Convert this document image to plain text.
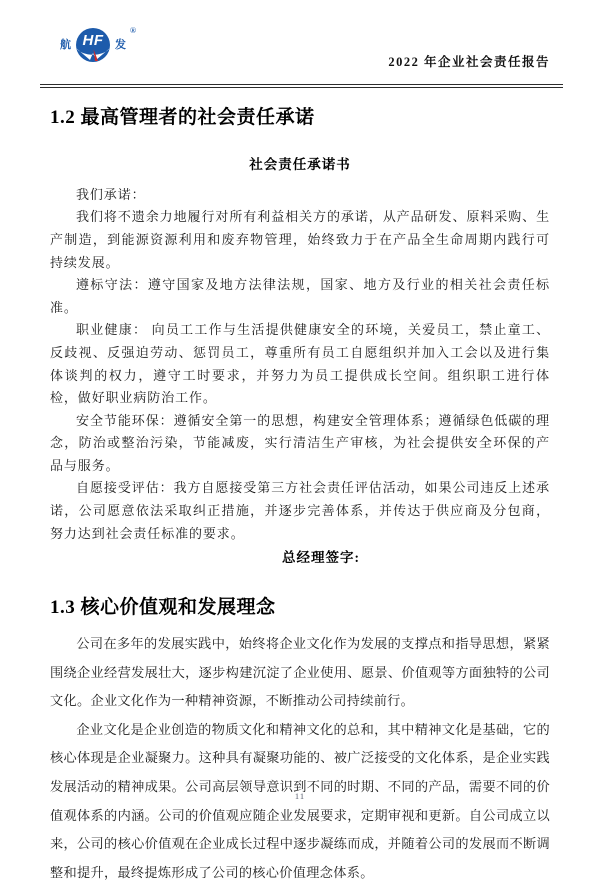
航 HF 发
®
2022 年企业社会责任报告
1.2 最高管理者的社会责任承诺
社会责任承诺书

我们承诺：

我们将不遗余力地履行对所有利益相关方的承诺，从产品研发、原料采购、生产制造，到能源资源利用和废弃物管理，始终致力于在产品全生命周期内践行可持续发展。

遵标守法：遵守国家及地方法律法规，国家、地方及行业的相关社会责任标准。

职业健康： 向员工工作与生活提供健康安全的环境，关爱员工，禁止童工、反歧视、反强迫劳动、惩罚员工，尊重所有员工自愿组织并加入工会以及进行集体谈判的权力，遵守工时要求，并努力为员工提供成长空间。组织职工进行体检，做好职业病防治工作。

安全节能环保：遵循安全第一的思想，构建安全管理体系；遵循绿色低碳的理念，防治或整治污染，节能减废，实行清洁生产审核，为社会提供安全环保的产品与服务。

自愿接受评估：我方自愿接受第三方社会责任评估活动，如果公司违反上述承诺，公司愿意依法采取纠正措施，并逐步完善体系，并传达于供应商及分包商，努力达到社会责任标准的要求。

总经理签字:
1.3 核心价值观和发展理念

公司在多年的发展实践中，始终将企业文化作为发展的支撑点和指导思想，紧紧围绕企业经营发展壮大，逐步构建沉淀了企业使用、愿景、价值观等方面独特的公司文化。企业文化作为一种精神资源，不断推动公司持续前行。

企业文化是企业创造的物质文化和精神文化的总和，其中精神文化是基础，它的核心体现是企业凝聚力。这种具有凝聚功能的、被广泛接受的文化体系，是企业实践发展活动的精神成果。公司高层领导意识到不同的时期、不同的产品，需要不同的价值观体系的内涵。公司的价值观应随企业发展要求，定期审视和更新。自公司成立以来，公司的核心价值观在企业成长过程中逐步凝练而成，并随着公司的发展而不断调整和提升，最终提炼形成了公司的核心价值理念体系。

11
